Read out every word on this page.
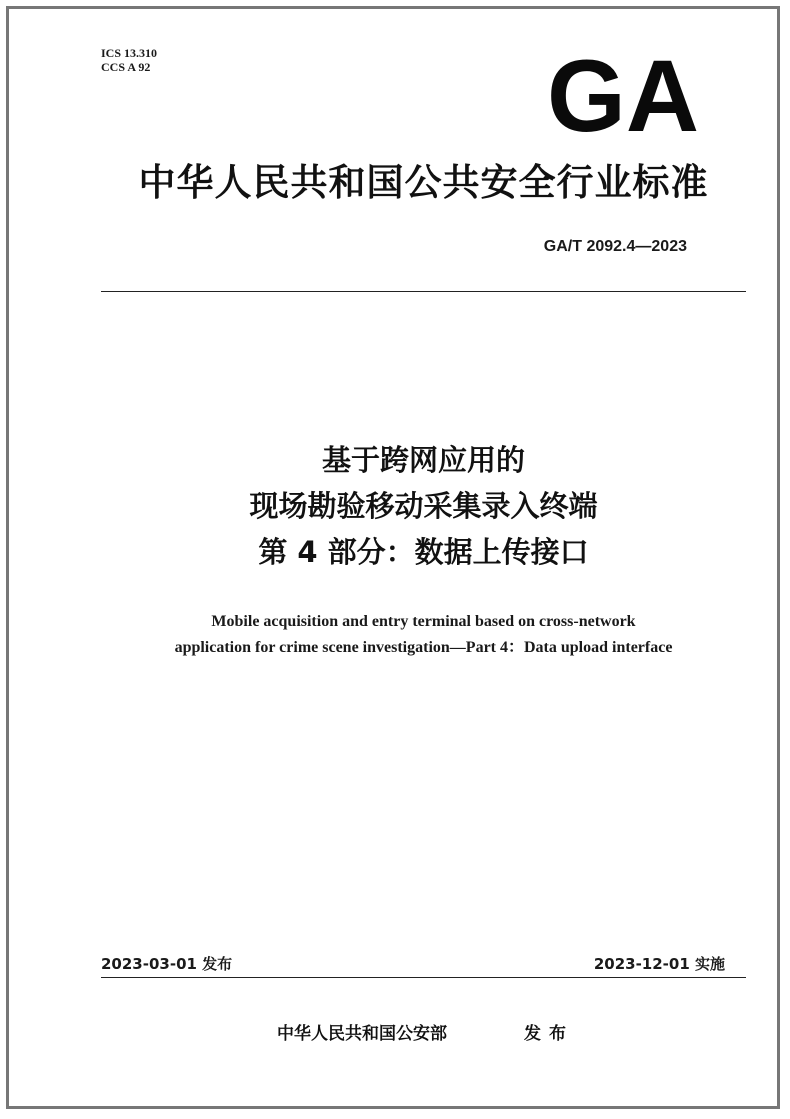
ICS 13.310
CCS A 92	GA
中华人民共和国公共安全行业标准
GA/T 2092.4—2023
基于跨网应用的
现场勘验移动采集录入终端
第 4 部分：数据上传接口
Mobile acquisition and entry terminal based on cross-network
application for crime scene investigation—Part 4：Data upload interface
2023-03-01 发布	2023-12-01 实施
中华人民共和国公安部	发布
